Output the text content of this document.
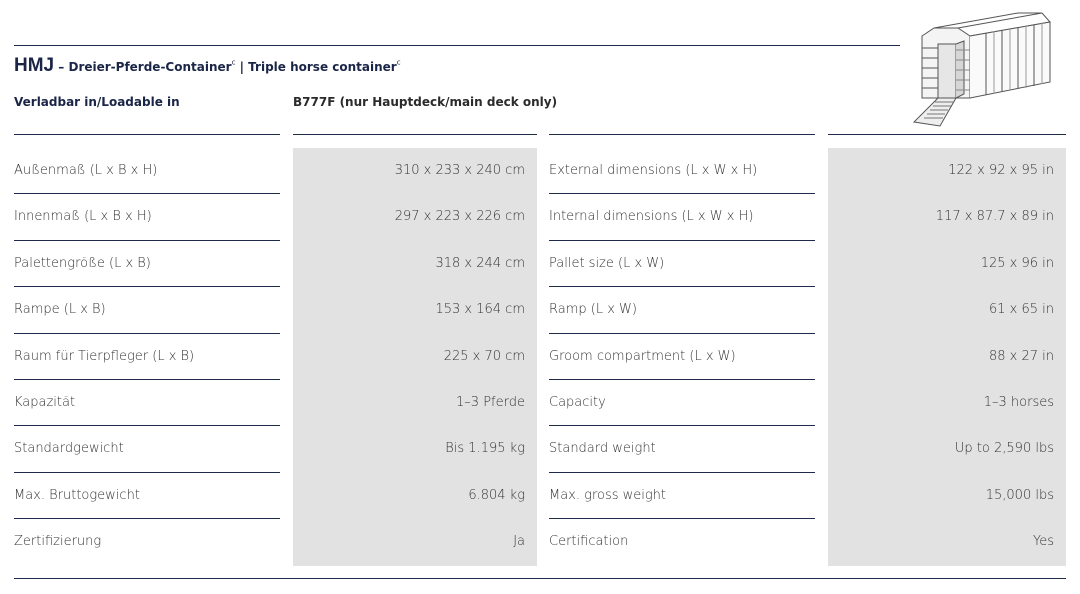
HMJ – Dreier-Pferde-Container$^c$ | Triple horse container$^c$
Verladbar in/Loadable in	B777F (nur Hauptdeck/main deck only)
Außenmaß (L x B x H)	310 x 233 x 240 cm External dimensions (L x W x H)	122 x 92 x 95 in
Innenmaß (L x B x H)	297 x 223 x 226 cm Internal dimensions (L x W x H)	117 x 87.7 x 89 in
Palettengröße (L x B)	318 x 244 cm Pallet size (L x W)	125 x 96 in
Rampe (L x B)	153 x 164 cm Ramp (L x W)	61 x 65 in
Raum für Tierpfleger (L x B)	225 x 70 cm Groom compartment (L x W)	88 x 27 in
Kapazität	1–3 Pferde Capacity	1–3 horses
Standardgewicht	Bis 1.195 kg Standard weight	Up to 2,590 lbs
Max. Bruttogewicht	6.804 kg Max. gross weight	15,000 lbs
Zertifizierung	Ja Certification	Yes
